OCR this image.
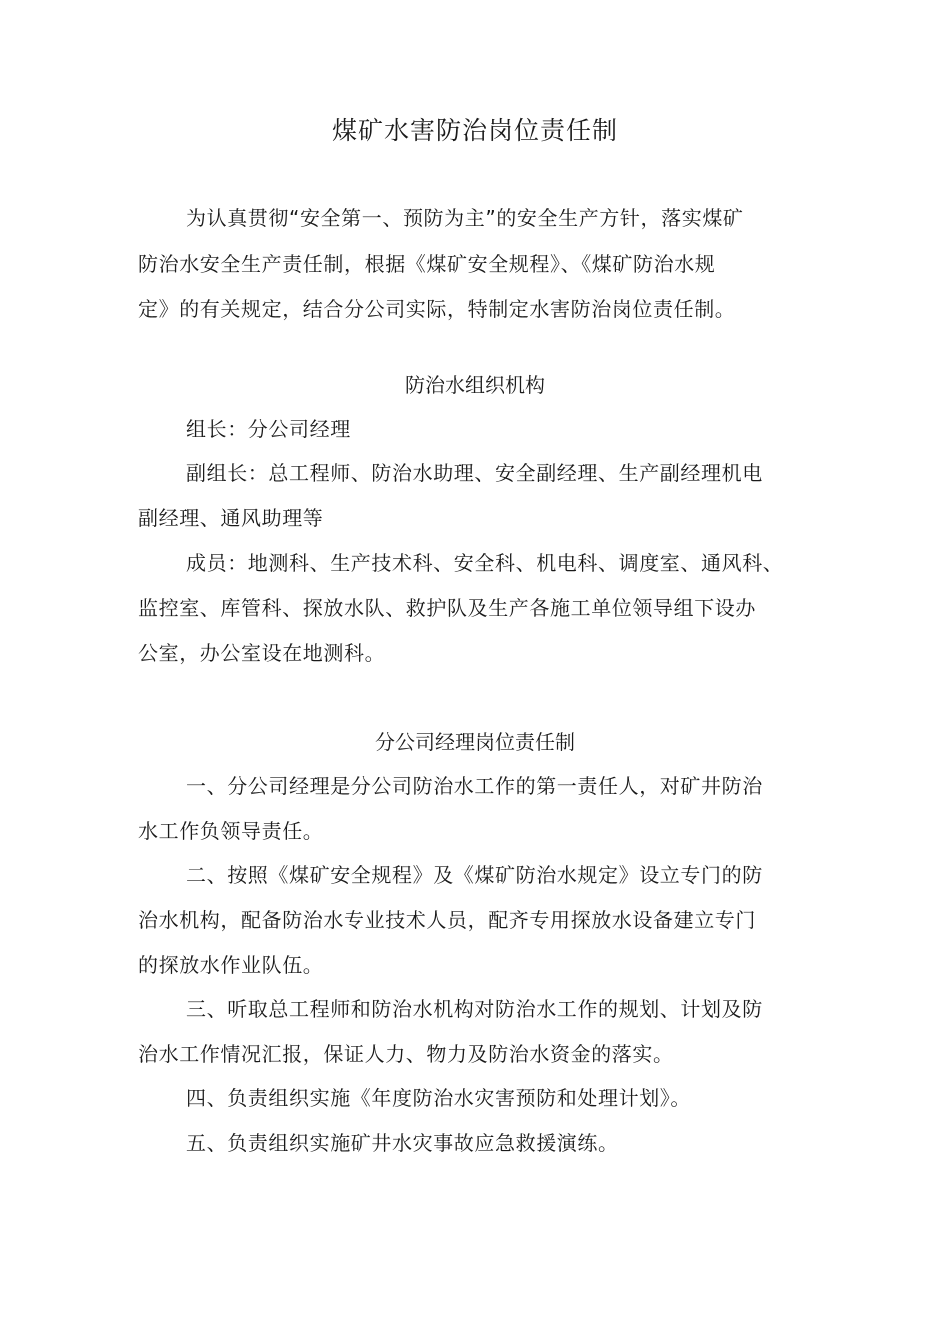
煤矿水害防治岗位责任制
为认真贯彻“安全第一、预防为主”的安全生产方针，落实煤矿
防治水安全生产责任制，根据《煤矿安全规程》、《煤矿防治水规
定》的有关规定，结合分公司实际，特制定水害防治岗位责任制。
防治水组织机构
组长：分公司经理
副组长：总工程师、防治水助理、安全副经理、生产副经理机电
副经理、通风助理等
成员：地测科、生产技术科、安全科、机电科、调度室、通风科、
监控室、库管科、探放水队、救护队及生产各施工单位领导组下设办
公室，办公室设在地测科。
分公司经理岗位责任制
一、分公司经理是分公司防治水工作的第一责任人，对矿井防治
水工作负领导责任。
二、按照《煤矿安全规程》及《煤矿防治水规定》设立专门的防
治水机构，配备防治水专业技术人员，配齐专用探放水设备建立专门
的探放水作业队伍。
三、听取总工程师和防治水机构对防治水工作的规划、计划及防
治水工作情况汇报，保证人力、物力及防治水资金的落实。
四、负责组织实施《年度防治水灾害预防和处理计划》。
五、负责组织实施矿井水灾事故应急救援演练。
